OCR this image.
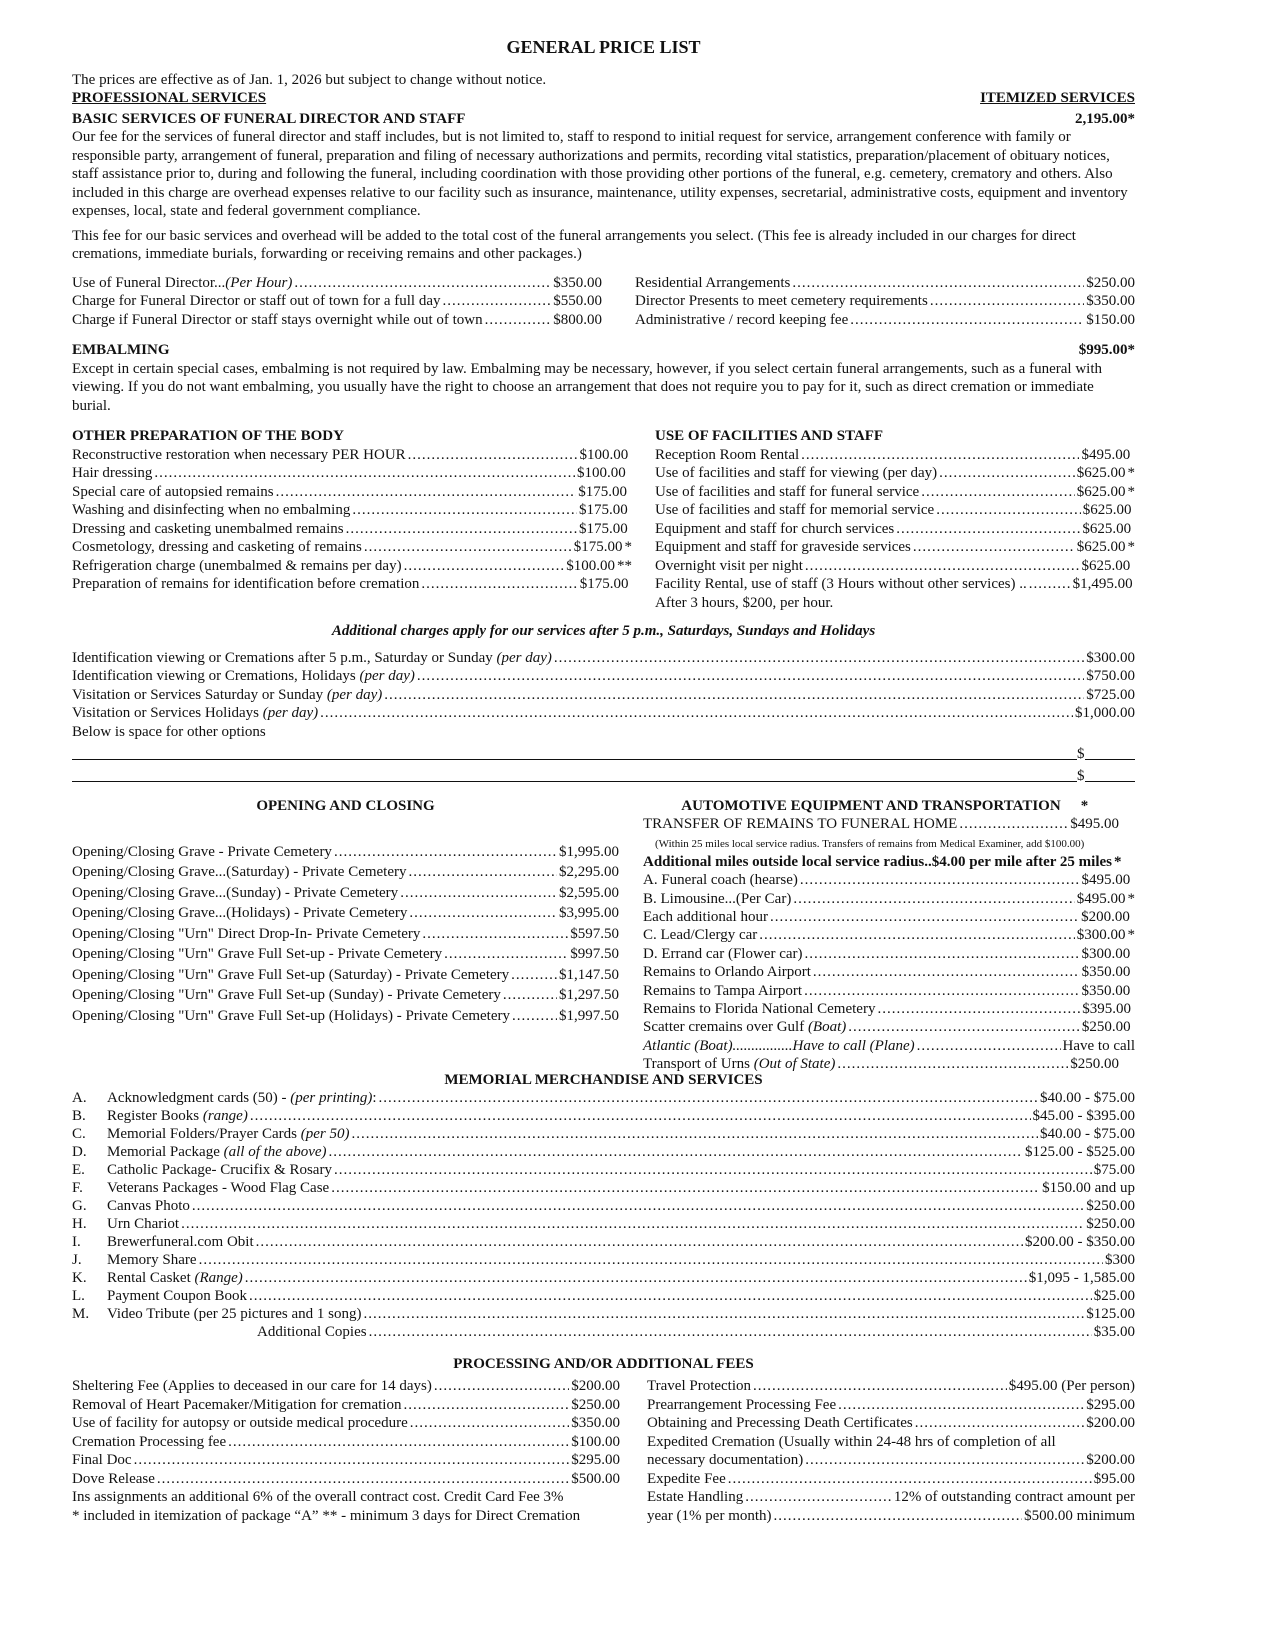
GENERAL PRICE LIST

The prices are effective as of Jan. 1, 2026 but subject to change without notice.

PROFESSIONAL SERVICES	ITEMIZED SERVICES
BASIC SERVICES OF FUNERAL DIRECTOR AND STAFF	2,195.00*

Our fee for the services of funeral director and staff includes, but is not limited to, staff to respond to initial request for service, arrangement conference with family or responsible party, arrangement of funeral, preparation and filing of necessary authorizations and permits, recording vital statistics, preparation/placement of obituary notices, staff assistance prior to, during and following the funeral, including coordination with those providing other portions of the funeral, e.g. cemetery, crematory and others. Also included in this charge are overhead expenses relative to our facility such as insurance, maintenance, utility expenses, secretarial, administrative costs, equipment and inventory expenses, local, state and federal government compliance.

This fee for our basic services and overhead will be added to the total cost of the funeral arrangements you select. (This fee is already included in our charges for direct cremations, immediate burials, forwarding or receiving remains and other packages.)

Use of Funeral Director...(Per Hour) .....	$350.00
Charge for Funeral Director or staff out of town for a full day .....	$550.00
Charge if Funeral Director or staff stays overnight while out of town .....	$800.00
Residential Arrangements .....	$250.00
Director Presents to meet cemetery requirements .....	$350.00
Administrative / record keeping fee .....	$150.00
EMBALMING	$995.00*

Except in certain special cases, embalming is not required by law. Embalming may be necessary, however, if you select certain funeral arrangements, such as a funeral with viewing. If you do not want embalming, you usually have the right to choose an arrangement that does not require you to pay for it, such as direct cremation or immediate burial.

OTHER PREPARATION OF THE BODY
Reconstructive restoration when necessary PER HOUR .....	$100.00
Hair dressing .....	$100.00
Special care of autopsied remains .....	$175.00
Washing and disinfecting when no embalming .....	$175.00
Dressing and casketing unembalmed remains .....	$175.00
Cosmetology, dressing and casketing of remains .....	$175.00 *
Refrigeration charge (unembalmed & remains per day) .....	$100.00 **
Preparation of remains for identification before cremation .....	$175.00
USE OF FACILITIES AND STAFF
Reception Room Rental .....	$495.00
Use of facilities and staff for viewing (per day) .....	$625.00 *
Use of facilities and staff for funeral service .....	$625.00 *
Use of facilities and staff for memorial service .....	$625.00
Equipment and staff for church services .....	$625.00
Equipment and staff for graveside services .....	$625.00 *
Overnight visit per night .....	$625.00
Facility Rental, use of staff (3 Hours without other services) .. .....	$1,495.00
After 3 hours, $200, per hour.
Additional charges apply for our services after 5 p.m., Saturdays, Sundays and Holidays
Identification viewing or Cremations after 5 p.m., Saturday or Sunday (per day) .....	$300.00
Identification viewing or Cremations, Holidays (per day) .....	$750.00
Visitation or Services Saturday or Sunday (per day) .....	$725.00
Visitation or Services Holidays (per day) .....	$1,000.00
Below is space for other options
$
$
OPENING AND CLOSING
Opening/Closing Grave - Private Cemetery .....	$1,995.00
Opening/Closing Grave...(Saturday) - Private Cemetery .....	$2,295.00
Opening/Closing Grave...(Sunday) - Private Cemetery .....	$2,595.00
Opening/Closing Grave...(Holidays) - Private Cemetery .....	$3,995.00
Opening/Closing "Urn" Direct Drop-In- Private Cemetery .....	$597.50
Opening/Closing "Urn" Grave Full Set-up - Private Cemetery .....	$997.50
Opening/Closing "Urn" Grave Full Set-up (Saturday) - Private Cemetery .....	$1,147.50
Opening/Closing "Urn" Grave Full Set-up (Sunday) - Private Cemetery .....	$1,297.50
Opening/Closing "Urn" Grave Full Set-up (Holidays) - Private Cemetery .....	$1,997.50
AUTOMOTIVE EQUIPMENT AND TRANSPORTATION *
TRANSFER OF REMAINS TO FUNERAL HOME .....	$495.00
(Within 25 miles local service radius. Transfers of remains from Medical Examiner, add $100.00)
Additional miles outside local service radius..$4.00 per mile after 25 miles *
A. Funeral coach (hearse) .....	$495.00
B. Limousine...(Per Car) .....	$495.00 *
Each additional hour .....	$200.00
C. Lead/Clergy car .....	$300.00 *
D. Errand car (Flower car) .....	$300.00
Remains to Orlando Airport .....	$350.00
Remains to Tampa Airport .....	$350.00
Remains to Florida National Cemetery .....	$395.00
Scatter cremains over Gulf (Boat) .....	$250.00
Atlantic (Boat)................Have to call (Plane) .....	Have to call
Transport of Urns (Out of State) .....	$250.00
MEMORIAL MERCHANDISE AND SERVICES
A.	Acknowledgment cards (50) - (per printing): .....	$40.00 - $75.00
B.	Register Books (range) .....	$45.00 - $395.00
C.	Memorial Folders/Prayer Cards (per 50) .....	$40.00 - $75.00
D.	Memorial Package (all of the above) .....	$125.00 - $525.00
E.	Catholic Package- Crucifix & Rosary .....	$75.00
F.	Veterans Packages - Wood Flag Case .....	$150.00 and up
G.	Canvas Photo .....	$250.00
H.	Urn Chariot .....	$250.00
I.	Brewerfuneral.com Obit .....	$200.00 - $350.00
J.	Memory Share .....	$300
K.	Rental Casket (Range) .....	$1,095 - 1,585.00
L.	Payment Coupon Book .....	$25.00
M.	Video Tribute (per 25 pictures and 1 song) .....	$125.00
Additional Copies .....	$35.00
PROCESSING AND/OR ADDITIONAL FEES
Sheltering Fee (Applies to deceased in our care for 14 days) .....	$200.00
Removal of Heart Pacemaker/Mitigation for cremation .....	$250.00
Use of facility for autopsy or outside medical procedure .....	$350.00
Cremation Processing fee .....	$100.00
Final Doc .....	$295.00
Dove Release .....	$500.00
Ins assignments an additional 6% of the overall contract cost. Credit Card Fee 3%
Travel Protection .....	$495.00 (Per person)
Prearrangement Processing Fee .....	$295.00
Obtaining and Precessing Death Certificates .....	$200.00
Expedited Cremation (Usually within 24-48 hrs of completion of all
necessary documentation) .....	$200.00
Expedite Fee .....	$95.00
Estate Handling .....	12% of outstanding contract amount per
year (1% per month) .....	$500.00 minimum
* included in itemization of package “A” ** - minimum 3 days for Direct Cremation
